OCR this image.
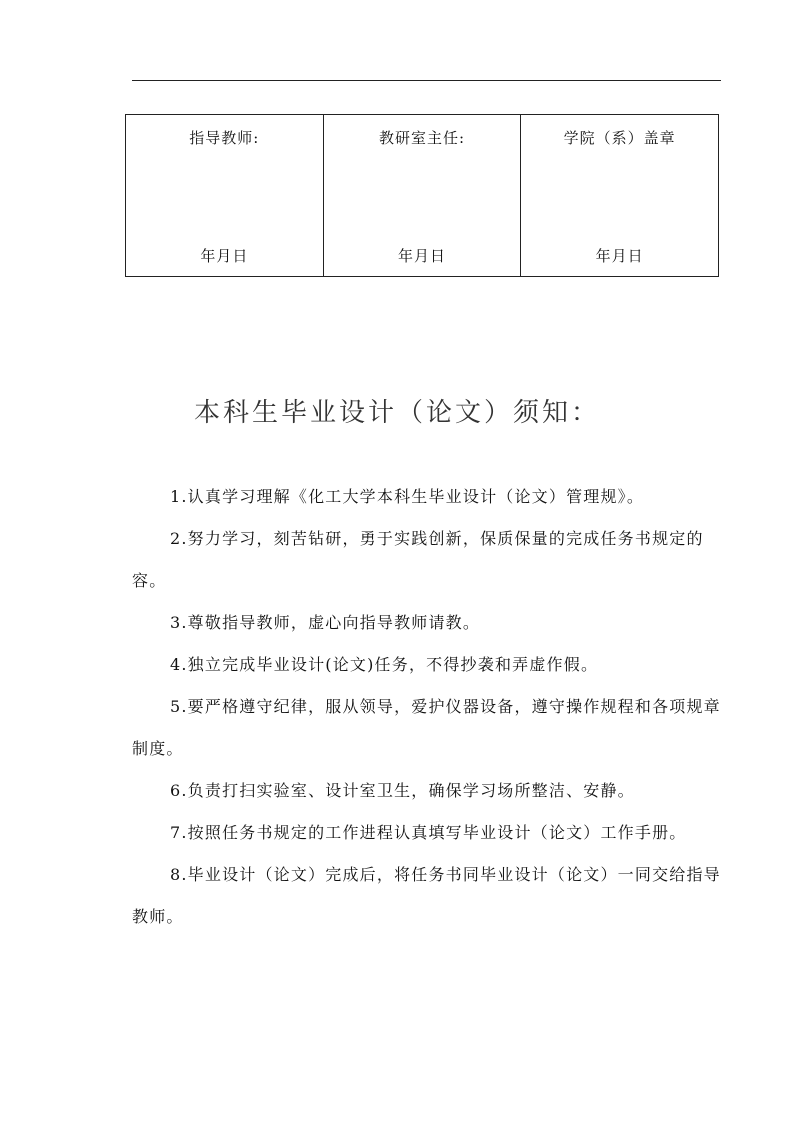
指导教师:
年月日

教研室主任:
年月日

学院（系）盖章
年月日
本科生毕业设计（论文）须知：

1.认真学习理解《化工大学本科生毕业设计（论文）管理规》。

2.努力学习，刻苦钻研，勇于实践创新，保质保量的完成任务书规定的容。

3.尊敬指导教师，虚心向指导教师请教。

4.独立完成毕业设计(论文)任务，不得抄袭和弄虚作假。

5.要严格遵守纪律，服从领导，爱护仪器设备，遵守操作规程和各项规章制度。

6.负责打扫实验室、设计室卫生，确保学习场所整洁、安静。

7.按照任务书规定的工作进程认真填写毕业设计（论文）工作手册。

8.毕业设计（论文）完成后，将任务书同毕业设计（论文）一同交给指导教师。
